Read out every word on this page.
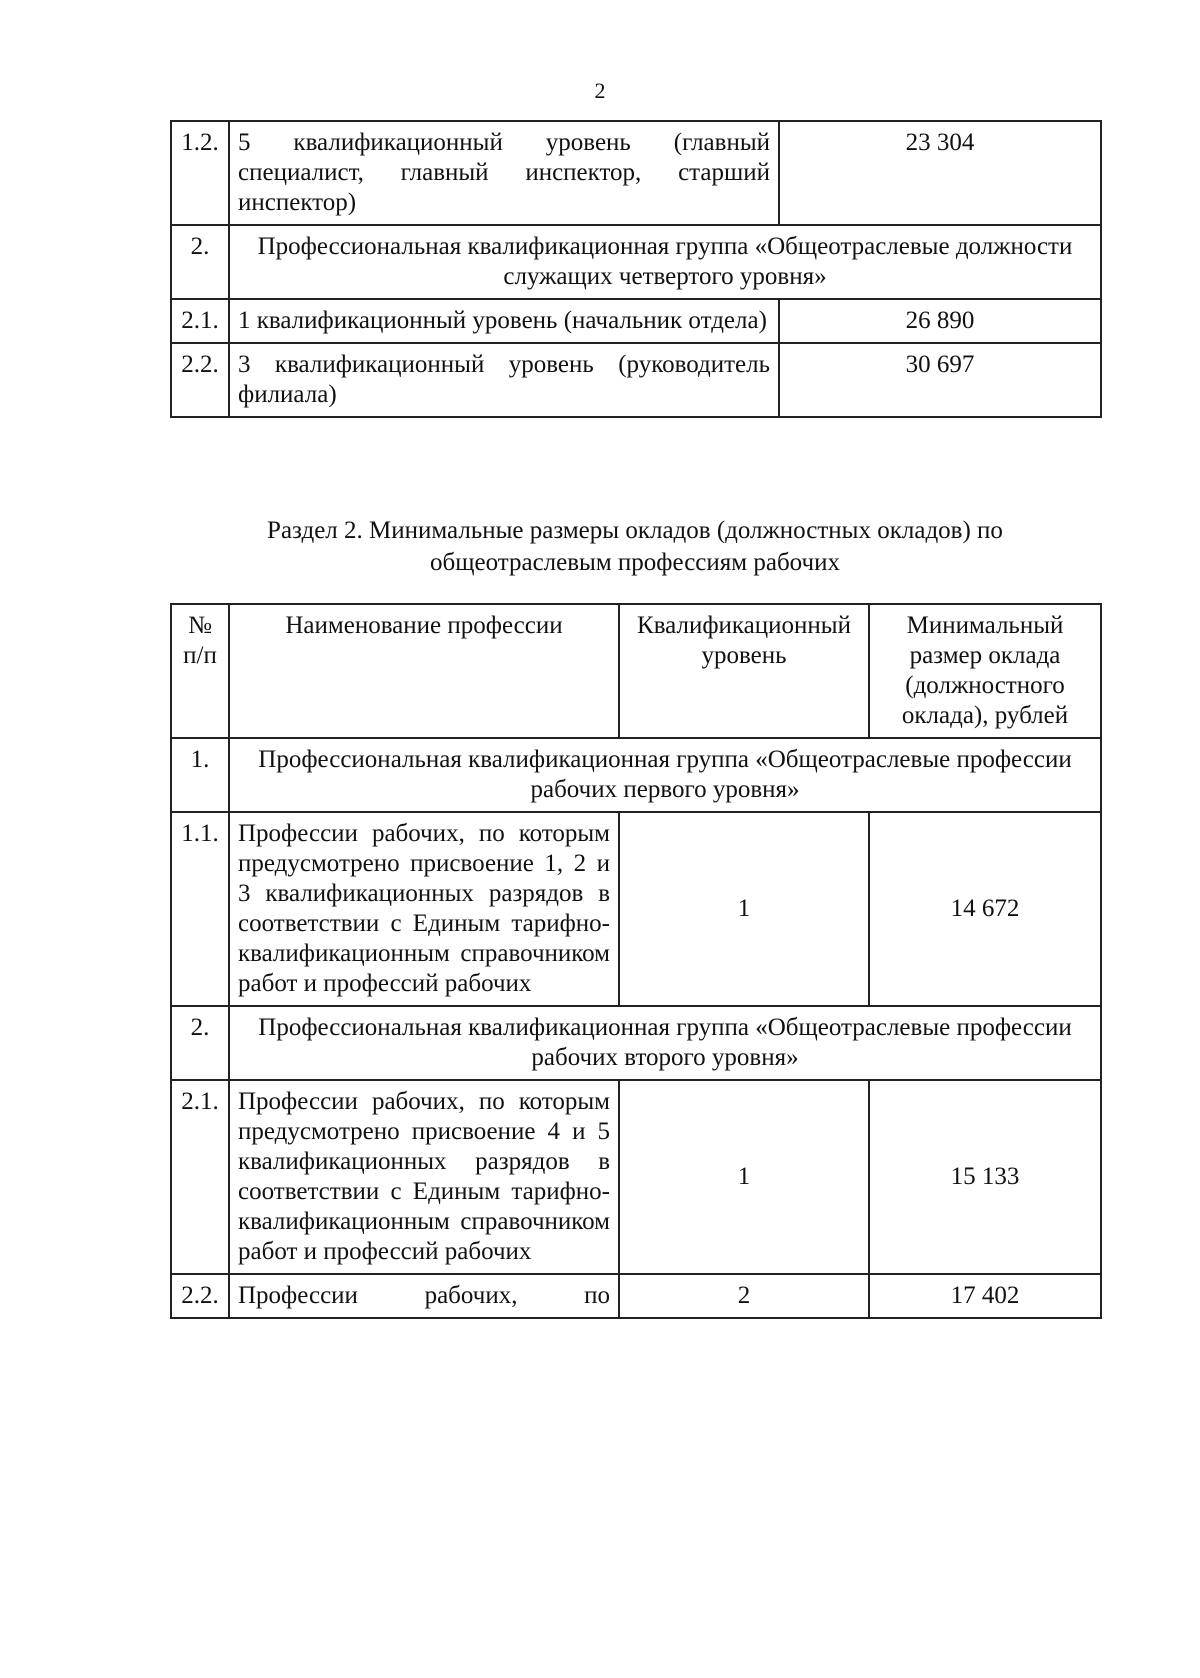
2
1.2.	5 квалификационный уровень (главный специалист, главный инспектор, старший инспектор)	23 304
2.	Профессиональная квалификационная группа «Общеотраслевые должности служащих четвертого уровня»	
2.1.	1 квалификационный уровень (начальник отдела)	26 890
2.2.	3 квалификационный уровень (руководитель филиала)	30 697
Раздел 2. Минимальные размеры окладов (должностных окладов) по
общеотраслевым профессиям рабочих
№ п/п	Наименование профессии	Квалификационный уровень	Минимальный размер оклада (должностного оклада), рублей
1.	Профессиональная квалификационная группа «Общеотраслевые профессии рабочих первого уровня»		
1.1.	Профессии рабочих, по которым предусмотрено присвоение 1, 2 и 3 квалификационных разрядов в соответствии с Единым тарифно-квалификационным справочником работ и профессий рабочих	1	14 672
2.	Профессиональная квалификационная группа «Общеотраслевые профессии рабочих второго уровня»		
2.1.	Профессии рабочих, по которым предусмотрено присвоение 4 и 5 квалификационных разрядов в соответствии с Единым тарифно-квалификационным справочником работ и профессий рабочих	1	15 133
2.2.	Профессии рабочих, по	2	17 402
